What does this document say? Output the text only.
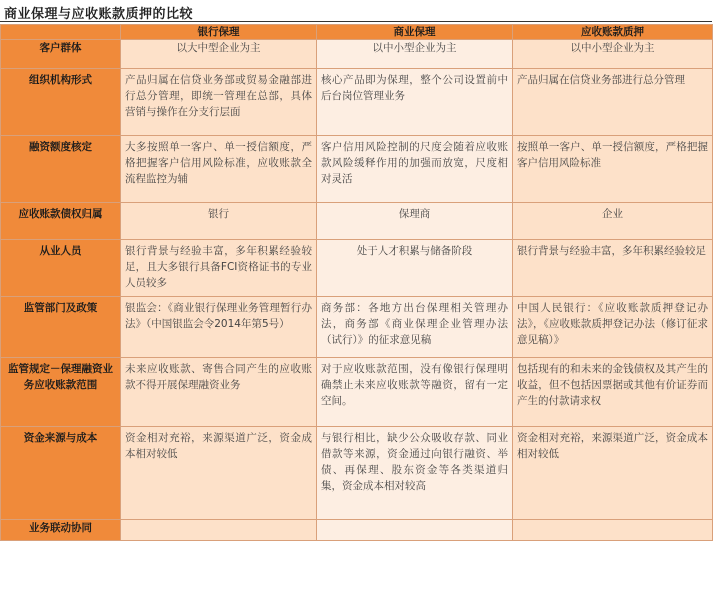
商业保理与应收账款质押的比较
	银行保理	商业保理	应收账款质押
客户群体	以大中型企业为主	以中小型企业为主	以中小型企业为主

组织机构形式	产品归属在信贷业务部或贸易金融部进行总分管理，即统一管理在总部，具体营销与操作在分支行层面	核心产品即为保理，整个公司设置前中后台岗位管理业务	产品归属在信贷业务部进行总分管理

融资额度核定	大多按照单一客户、单一授信额度，严格把握客户信用风险标准，应收账款全流程监控为辅	客户信用风险控制的尺度会随着应收账款风险缓释作用的加强而放宽，尺度相对灵活	按照单一客户、单一授信额度，严格把握客户信用风险标准

应收账款债权归属	银行	保理商	企业

从业人员	银行背景与经验丰富，多年积累经验较足，且大多银行具备FCI资格证书的专业人员较多	处于人才积累与储备阶段	银行背景与经验丰富，多年积累经验较足

监管部门及政策	银监会：《商业银行保理业务管理暂行办法》（中国银监会令2014年第5号）	商务部：各地方出台保理相关管理办法，商务部《商业保理企业管理办法（试行）》的征求意见稿	中国人民银行：《应收账款质押登记办法》，《应收账款质押登记办法（修订征求意见稿）》

监管规定－保理融资业务应收账款范围	未来应收账款、寄售合同产生的应收账款不得开展保理融资业务	对于应收账款范围，没有像银行保理明确禁止未来应收账款等融资，留有一定空间。	包括现有的和未来的金钱债权及其产生的收益，但不包括因票据或其他有价证券而产生的付款请求权

资金来源与成本	资金相对充裕，来源渠道广泛，资金成本相对较低	与银行相比，缺少公众吸收存款、同业借款等来源，资金通过向银行融资、举债、再保理、股东资金等各类渠道归集，资金成本相对较高	资金相对充裕，来源渠道广泛，资金成本相对较低

业务联动协同			
